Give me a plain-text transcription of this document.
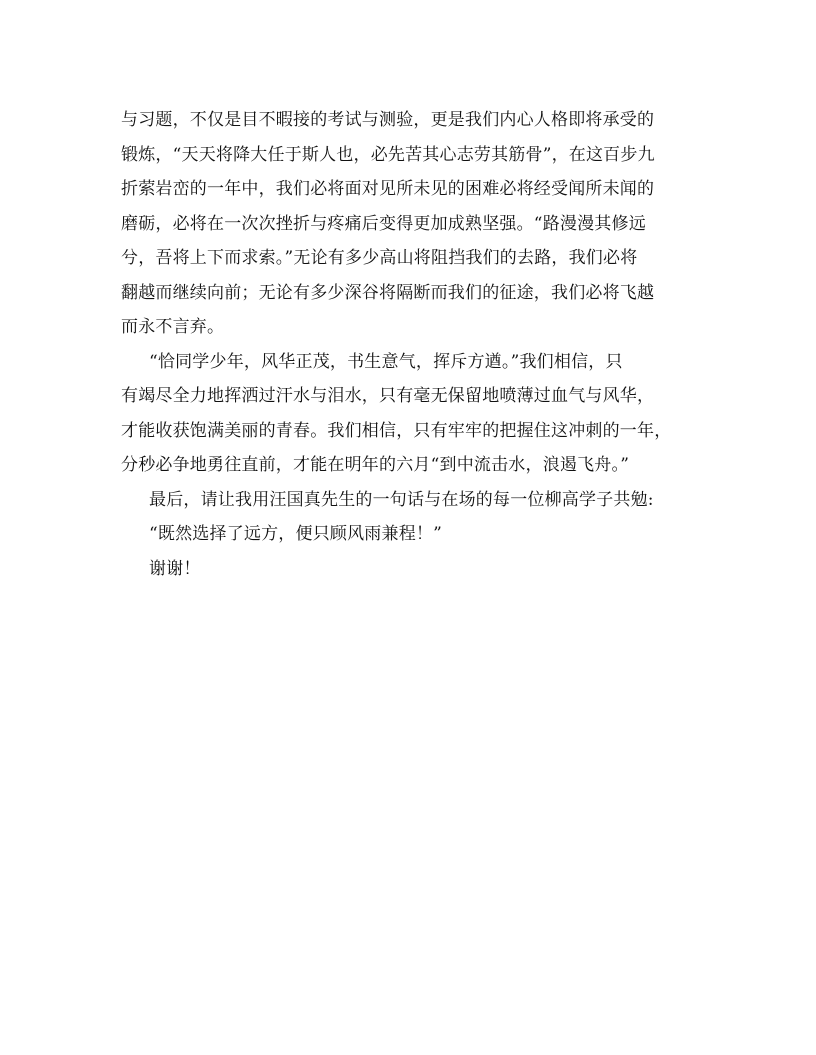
与习题，不仅是目不暇接的考试与测验，更是我们内心人格即将承受的
锻炼，“天天将降大任于斯人也，必先苦其心志劳其筋骨”，在这百步九
折萦岩峦的一年中，我们必将面对见所未见的困难必将经受闻所未闻的
磨砺，必将在一次次挫折与疼痛后变得更加成熟坚强。“路漫漫其修远
兮，吾将上下而求索。”无论有多少高山将阻挡我们的去路，我们必将
翻越而继续向前；无论有多少深谷将隔断而我们的征途，我们必将飞越
而永不言弃。
“恰同学少年，风华正茂，书生意气，挥斥方遒。”我们相信，只
有竭尽全力地挥洒过汗水与泪水，只有毫无保留地喷薄过血气与风华，
才能收获饱满美丽的青春。我们相信，只有牢牢的把握住这冲刺的一年，
分秒必争地勇往直前，才能在明年的六月“到中流击水，浪遏飞舟。”
最后，请让我用汪国真先生的一句话与在场的每一位柳高学子共勉:
“既然选择了远方，便只顾风雨兼程！”
谢谢！
